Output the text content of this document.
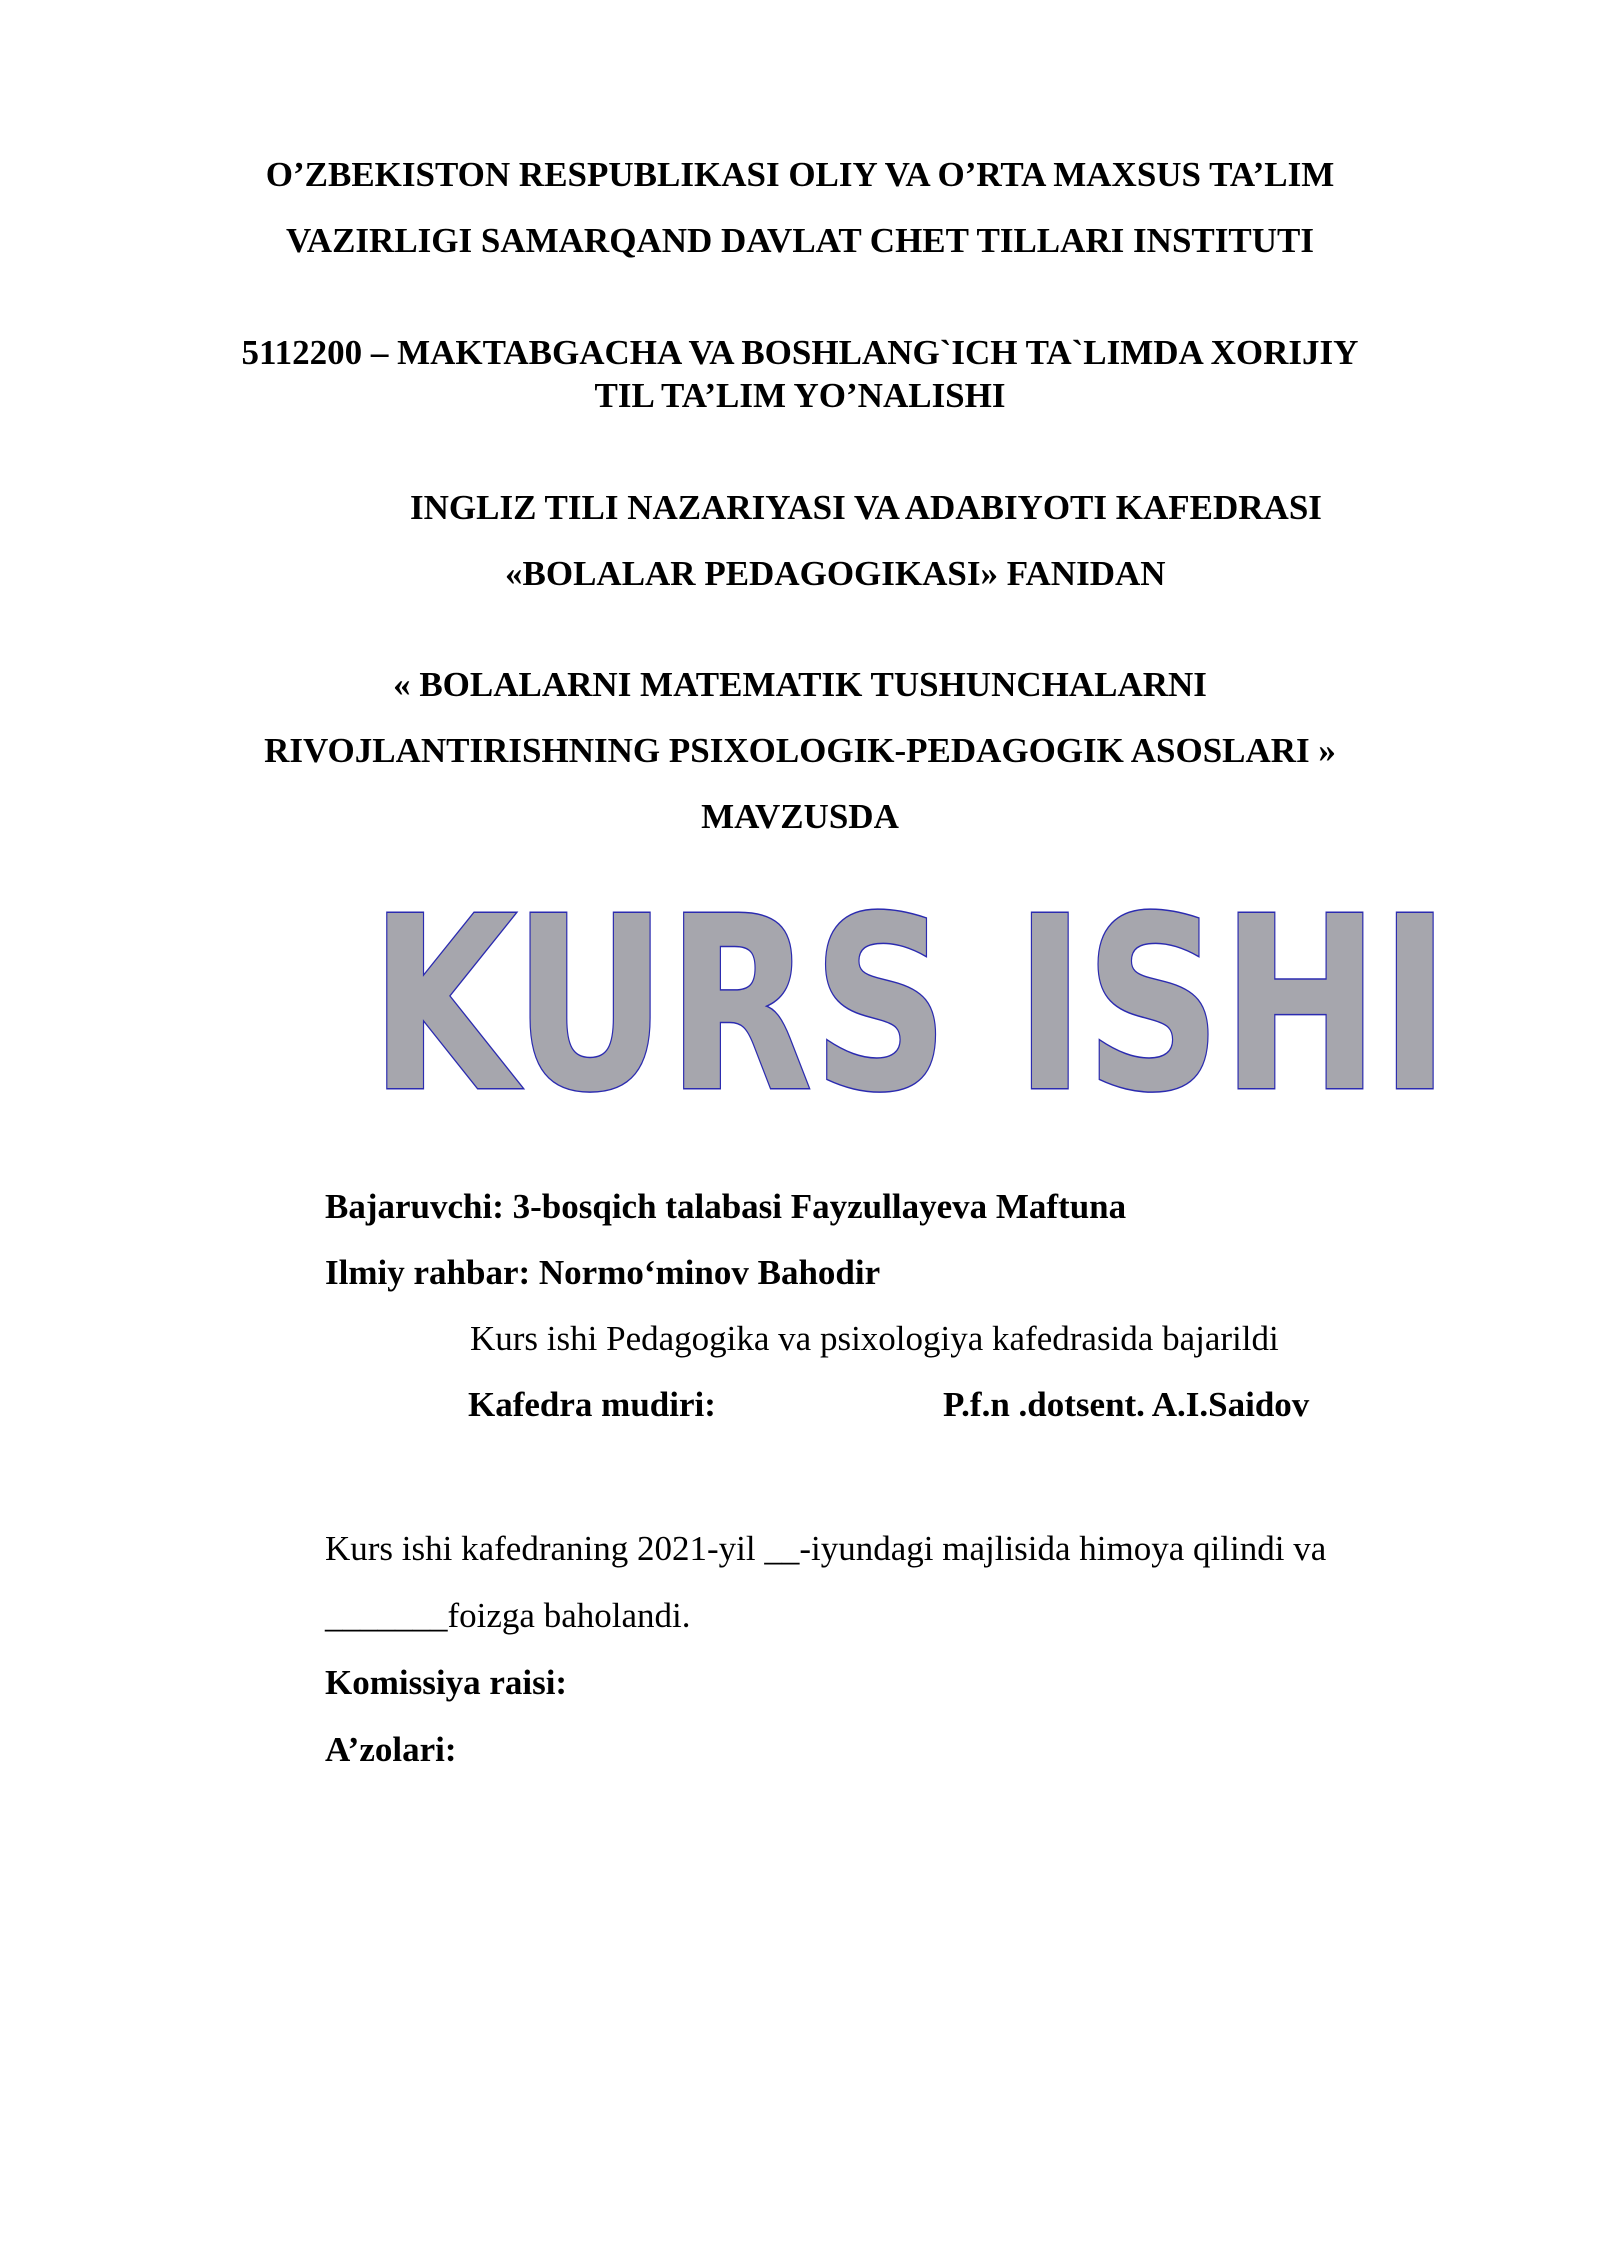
O’ZBEKISTON RESPUBLIKASI OLIY VA O’RTA MAXSUS TA’LIM
VAZIRLIGI SAMARQAND DAVLAT CHET TILLARI INSTITUTI
5112200 – MAKTABGACHA VA BOSHLANG`ICH TA`LIMDA XORIJIY
TIL TA’LIM YO’NALISHI
INGLIZ TILI NAZARIYASI VA ADABIYOTI KAFEDRASI
«BOLALAR PEDAGOGIKASI» FANIDAN
« BOLALARNI MATEMATIK TUSHUNCHALARNI
RIVOJLANTIRISHNING PSIXOLOGIK-PEDAGOGIK ASOSLARI »
MAVZUSDA
KURS ISHI
Bajaruvchi: 3-bosqich talabasi Fayzullayeva Maftuna
Ilmiy rahbar: Normo‘minov Bahodir
Kurs ishi Pedagogika va psixologiya kafedrasida bajarildi
Kafedra mudiri:	P.f.n .dotsent. A.I.Saidov
Kurs ishi kafedraning 2021-yil __-iyundagi majlisida himoya qilindi va
_______foizga baholandi.
Komissiya raisi:
A’zolari:
